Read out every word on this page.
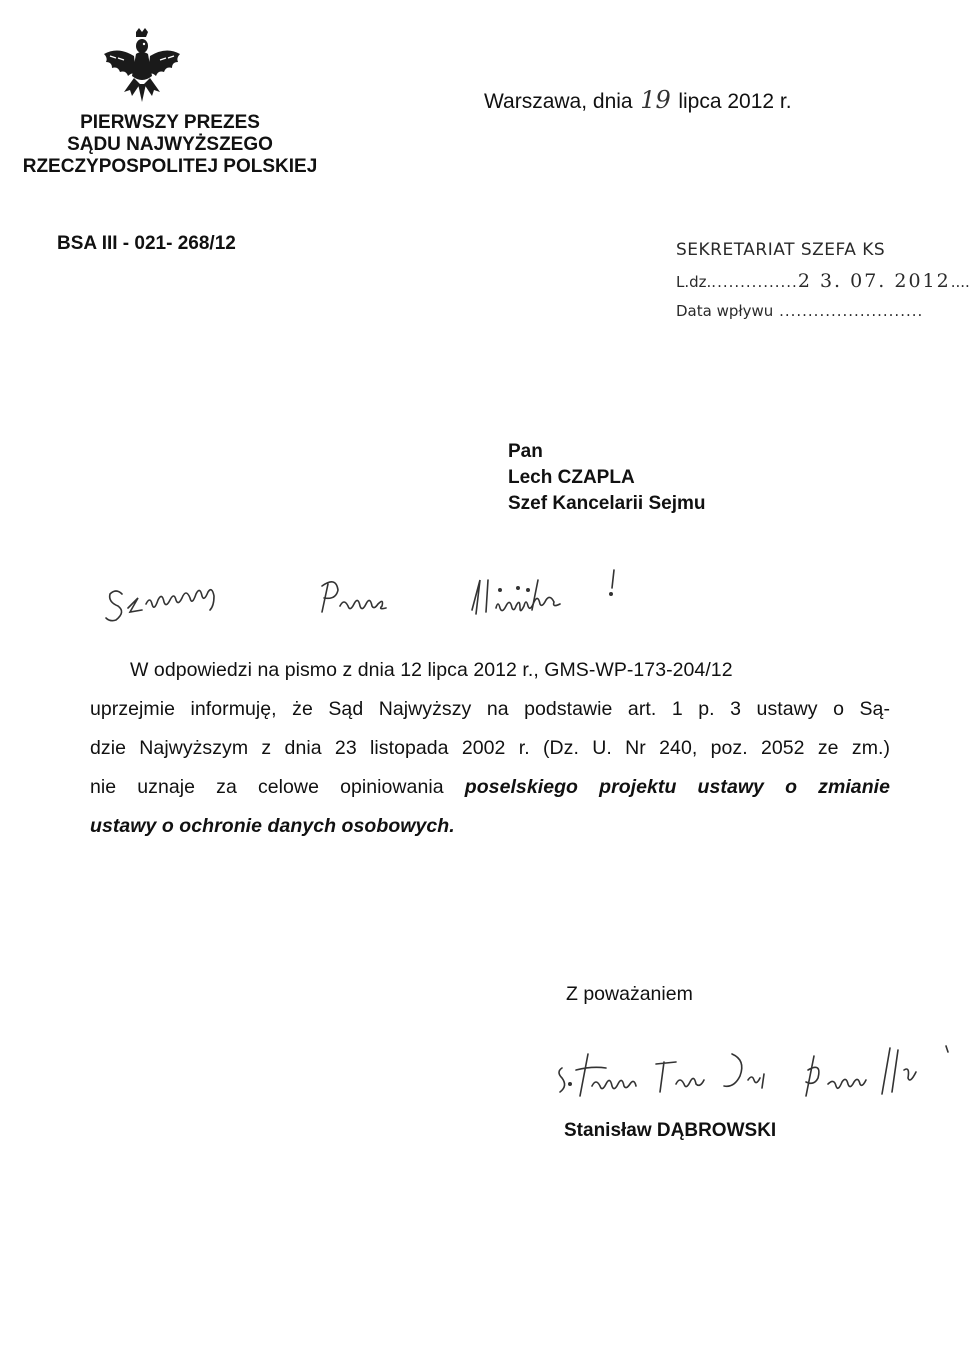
PIERWSZY PREZES
SĄDU NAJWYŻSZEGO
RZECZYPOSPOLITEJ POLSKIEJ
Warszawa, dnia 19 lipca 2012 r.
BSA III - 021- 268/12	SEKRETARIAT SZEFA KS
L.dz................2 3. 07. 2012....
Data wpływu .........................
Pan
Lech CZAPLA
Szef Kancelarii Sejmu
W odpowiedzi na pismo z dnia 12 lipca 2012 r., GMS-WP-173-204/12
uprzejmie informuję, że Sąd Najwyższy na podstawie art. 1 p. 3 ustawy o Są-
dzie Najwyższym z dnia 23 listopada 2002 r. (Dz. U. Nr 240, poz. 2052 ze zm.)
nie uznaje za celowe opiniowania poselskiego projektu ustawy o zmianie
ustawy o ochronie danych osobowych.
Z poważaniem
Stanisław DĄBROWSKI
